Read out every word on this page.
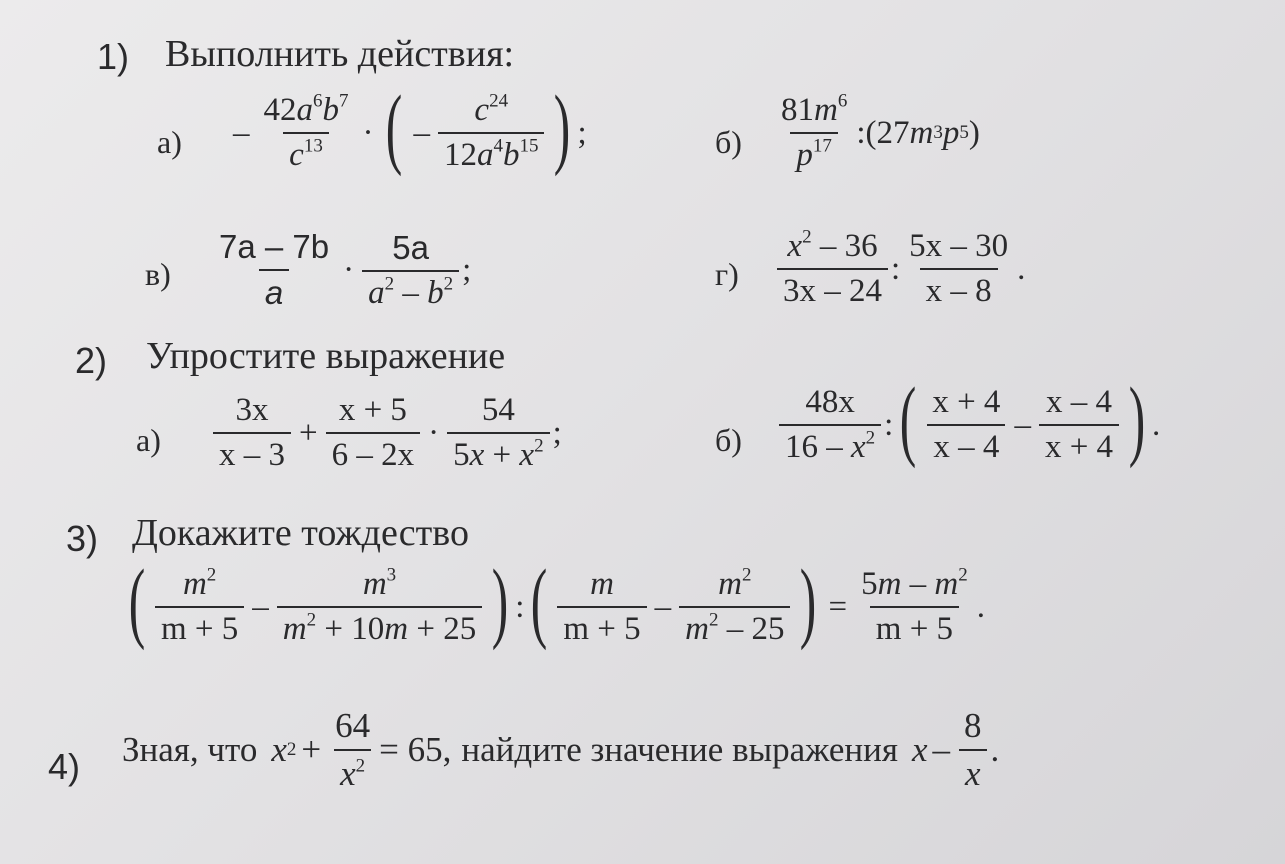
1) Выполнить действия:
$а) - \frac{42a^6b^7}{c^{13}}$ · ( – $\frac{c^{24}}{12a^4b^{15}}$ ) ;	$б) \frac{81m^6}{p^{17}}$ :(27 m 3 p 5 )
$в) \frac{7a - 7b}{a} \cdot \frac{5a}{a^2 - b^2}$ ;	$г) \frac{x^2 - 36}{3x - 24}$ : $\frac{5x - 30}{x - 8}$ .
2) Упростите выражение
$а) \frac{3x}{x - 3} + \frac{x + 5}{6 - 2x} \cdot \frac{54}{5x + x^2}$ ;	$б) \frac{48x}{16 - x^2}$ : ( $\frac{x + 4}{x - 4} - \frac{x - 4}{x + 4}$ ) .
3) Докажите тождество
( $\frac{m^2}{m + 5} - \frac{m^3}{m^2 + 10m + 25}$ ) : ( $\frac{m}{m + 5} - \frac{m^2}{m^2 - 25}$ ) = $\frac{5m - m^2}{m + 5}$ .
4) Зная, что x $2 + \frac{64}{x^2} = 65$, найдите значение выражения x – $\frac{8}{x}$ .
